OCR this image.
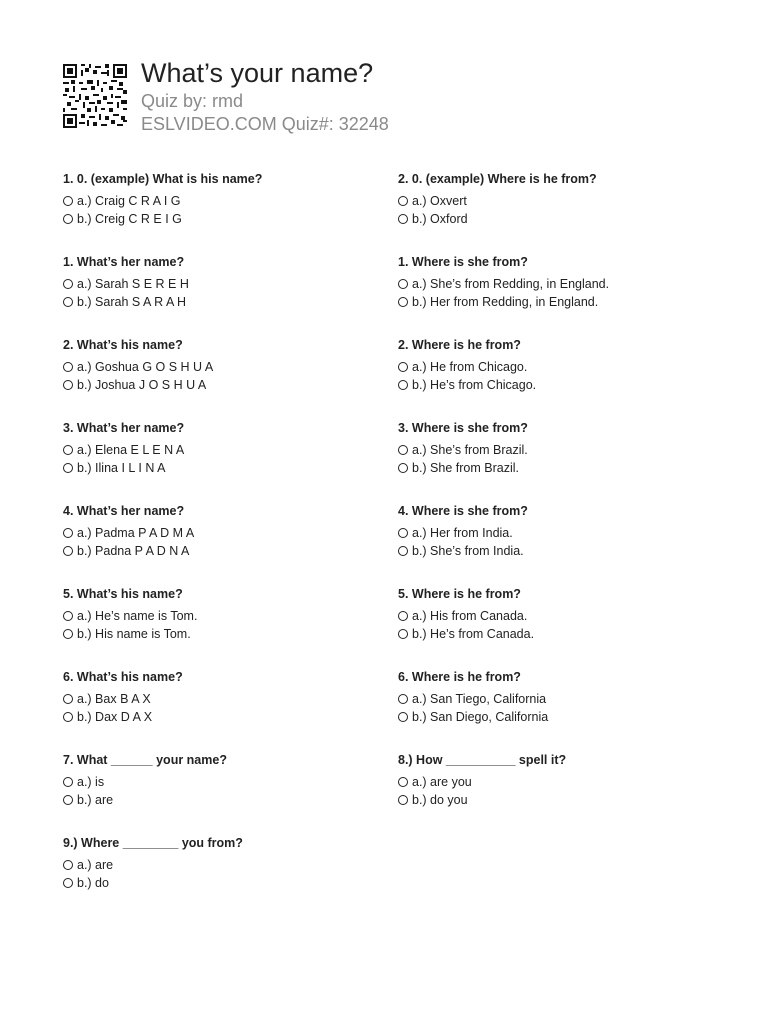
What’s your name?
Quiz by: rmd
ESLVIDEO.COM Quiz#: 32248
1. 0. (example) What is his name?
a.) Craig C R A I G
b.) Creig C R E I G
1. What’s her name?
a.) Sarah S E R E H
b.) Sarah S A R A H
2. What’s his name?
a.) Goshua G O S H U A
b.) Joshua J O S H U A
3. What’s her name?
a.) Elena E L E N A
b.) Ilina I L I N A
4. What’s her name?
a.) Padma P A D M A
b.) Padna P A D N A
5. What’s his name?
a.) He’s name is Tom.
b.) His name is Tom.
6. What’s his name?
a.) Bax B A X
b.) Dax D A X
7. What ______ your name?
a.) is
b.) are
9.) Where ________ you from?
a.) are
b.) do
2. 0. (example) Where is he from?
a.) Oxvert
b.) Oxford
1. Where is she from?
a.) She’s from Redding, in England.
b.) Her from Redding, in England.
2. Where is he from?
a.) He from Chicago.
b.) He’s from Chicago.
3. Where is she from?
a.) She’s from Brazil.
b.) She from Brazil.
4. Where is she from?
a.) Her from India.
b.) She’s from India.
5. Where is he from?
a.) His from Canada.
b.) He’s from Canada.
6. Where is he from?
a.) San Tiego, California
b.) San Diego, California
8.) How __________ spell it?
a.) are you
b.) do you
